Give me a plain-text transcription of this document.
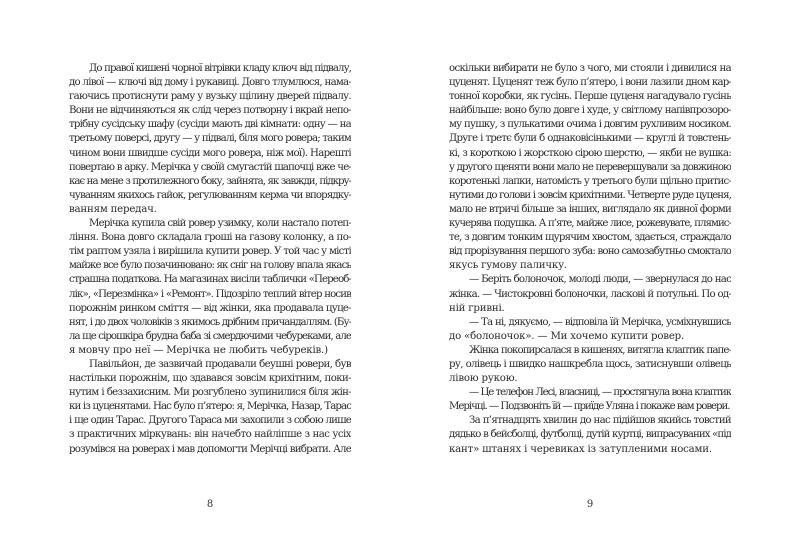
До правої кишені чорної вітрівки кладу ключ від підвалу,
до лівої — ключі від дому і рукавиці. Довго тлумлюся, нама-
гаючись протиснути раму у вузьку щілину дверей підвалу.
Вони не відчиняються як слід через потворну і вкрай непо-
трібну сусідську шафу (сусіди мають дві кімнати: одну — на
третьому поверсі, другу — у підвалі, біля мого ровера; таким
чином вони швидше сусіди мого ровера, ніж мої). Нарешті
повертаю в арку. Мерічка у своїй смугастій шапочці вже че-
кає на мене з протилежного боку, зайнята, як завжди, підкру-
чуванням якихось гайок, регулюванням керма чи впорядку-
ванням передач.
Мерічка купила свій ровер узимку, коли настало потеп-
ління. Вона довго складала гроші на газову колонку, а по-
тім раптом узяла і вирішила купити ровер. У той час у місті
майже все було позачинювано: як сніг на голову впала якась
страшна податкова. На магазинах висіли таблички «Переоб-
лік», «Перезмінка» і «Ремонт». Підозріло теплий вітер носив
порожнім ринком сміття — від жінки, яка продавала цуце-
нят, і до двох чоловіків з якимось дрібним причандаллям. (Бу-
ла ще сірошкіра брудна баба зі смердючими чебуреками, але
я мовчу про неї — Мерічка не любить чебуреків.)
Павільйон, де зазвичай продавали беушні ровери, був
настільки порожнім, що здавався зовсім крихітним, поки-
нутим і беззахисним. Ми розгублено зупинилися біля жін-
ки із цуценятами. Нас було п’ятеро: я, Мерічка, Назар, Тарас
і ще один Тарас. Другого Тараса ми захопили з собою лише
з практичних міркувань: він начебто найліпше з нас усіх
розумівся на роверах і мав допомогти Мерічці вибрати. Але
8
оскільки вибирати не було з чого, ми стояли і дивилися на
цуценят. Цуценят теж було п’ятеро, і вони лазили дном кар-
тонної коробки, як гусінь. Перше цуценя нагадувало гусінь
найбільше: воно було довге і худе, у світлому напівпрозоро-
му пушку, з пулькатими очима і довгим рухливим носиком.
Друге і третє були б однаковісінькими — круглі й товстень-
кі, з короткою і жорсткою сірою шерстю, — якби не вушка:
у другого щеняти вони мало не перевершували за довжиною
коротенькі лапки, натомість у третього були щільно притис-
нутими до голови і зовсім крихітними. Четверте руде цуценя,
мало не втричі більше за інших, виглядало як дивної форми
кучерява подушка. А п’яте, майже лисе, рожевувате, плямис-
те, з довгим тонким щурячим хвостом, здається, страждало
від прорізування першого зуба: воно самозабутньо смоктало
якусь гумову паличку.
— Беріть болоночок, молоді люди, — звернулася до нас
жінка. — Чистокровні болоночки, ласкові й потульні. По од-
ній гривні.
— Та ні, дякуємо, — відповіла їй Мерічка, усміхнувшись
до «болоночок». — Ми хочемо купити ровер.
Жінка покопирсалася в кишенях, витягла клаптик папе-
ру, олівець і швидко нашкребла щось, затиснувши олівець
лівою рукою.
— Це телефон Лесі, власниці, — простягнула вона клаптик
Мерічці. — Подзвоніть їй — приїде Уляна і покаже вам ровери.
За п’ятнадцять хвилин до нас підійшов якийсь товстий
дядько в бейсболці, футболці, дутій куртці, випрасуваних «під
кант» штанях і черевиках із затупленими носами.
9
